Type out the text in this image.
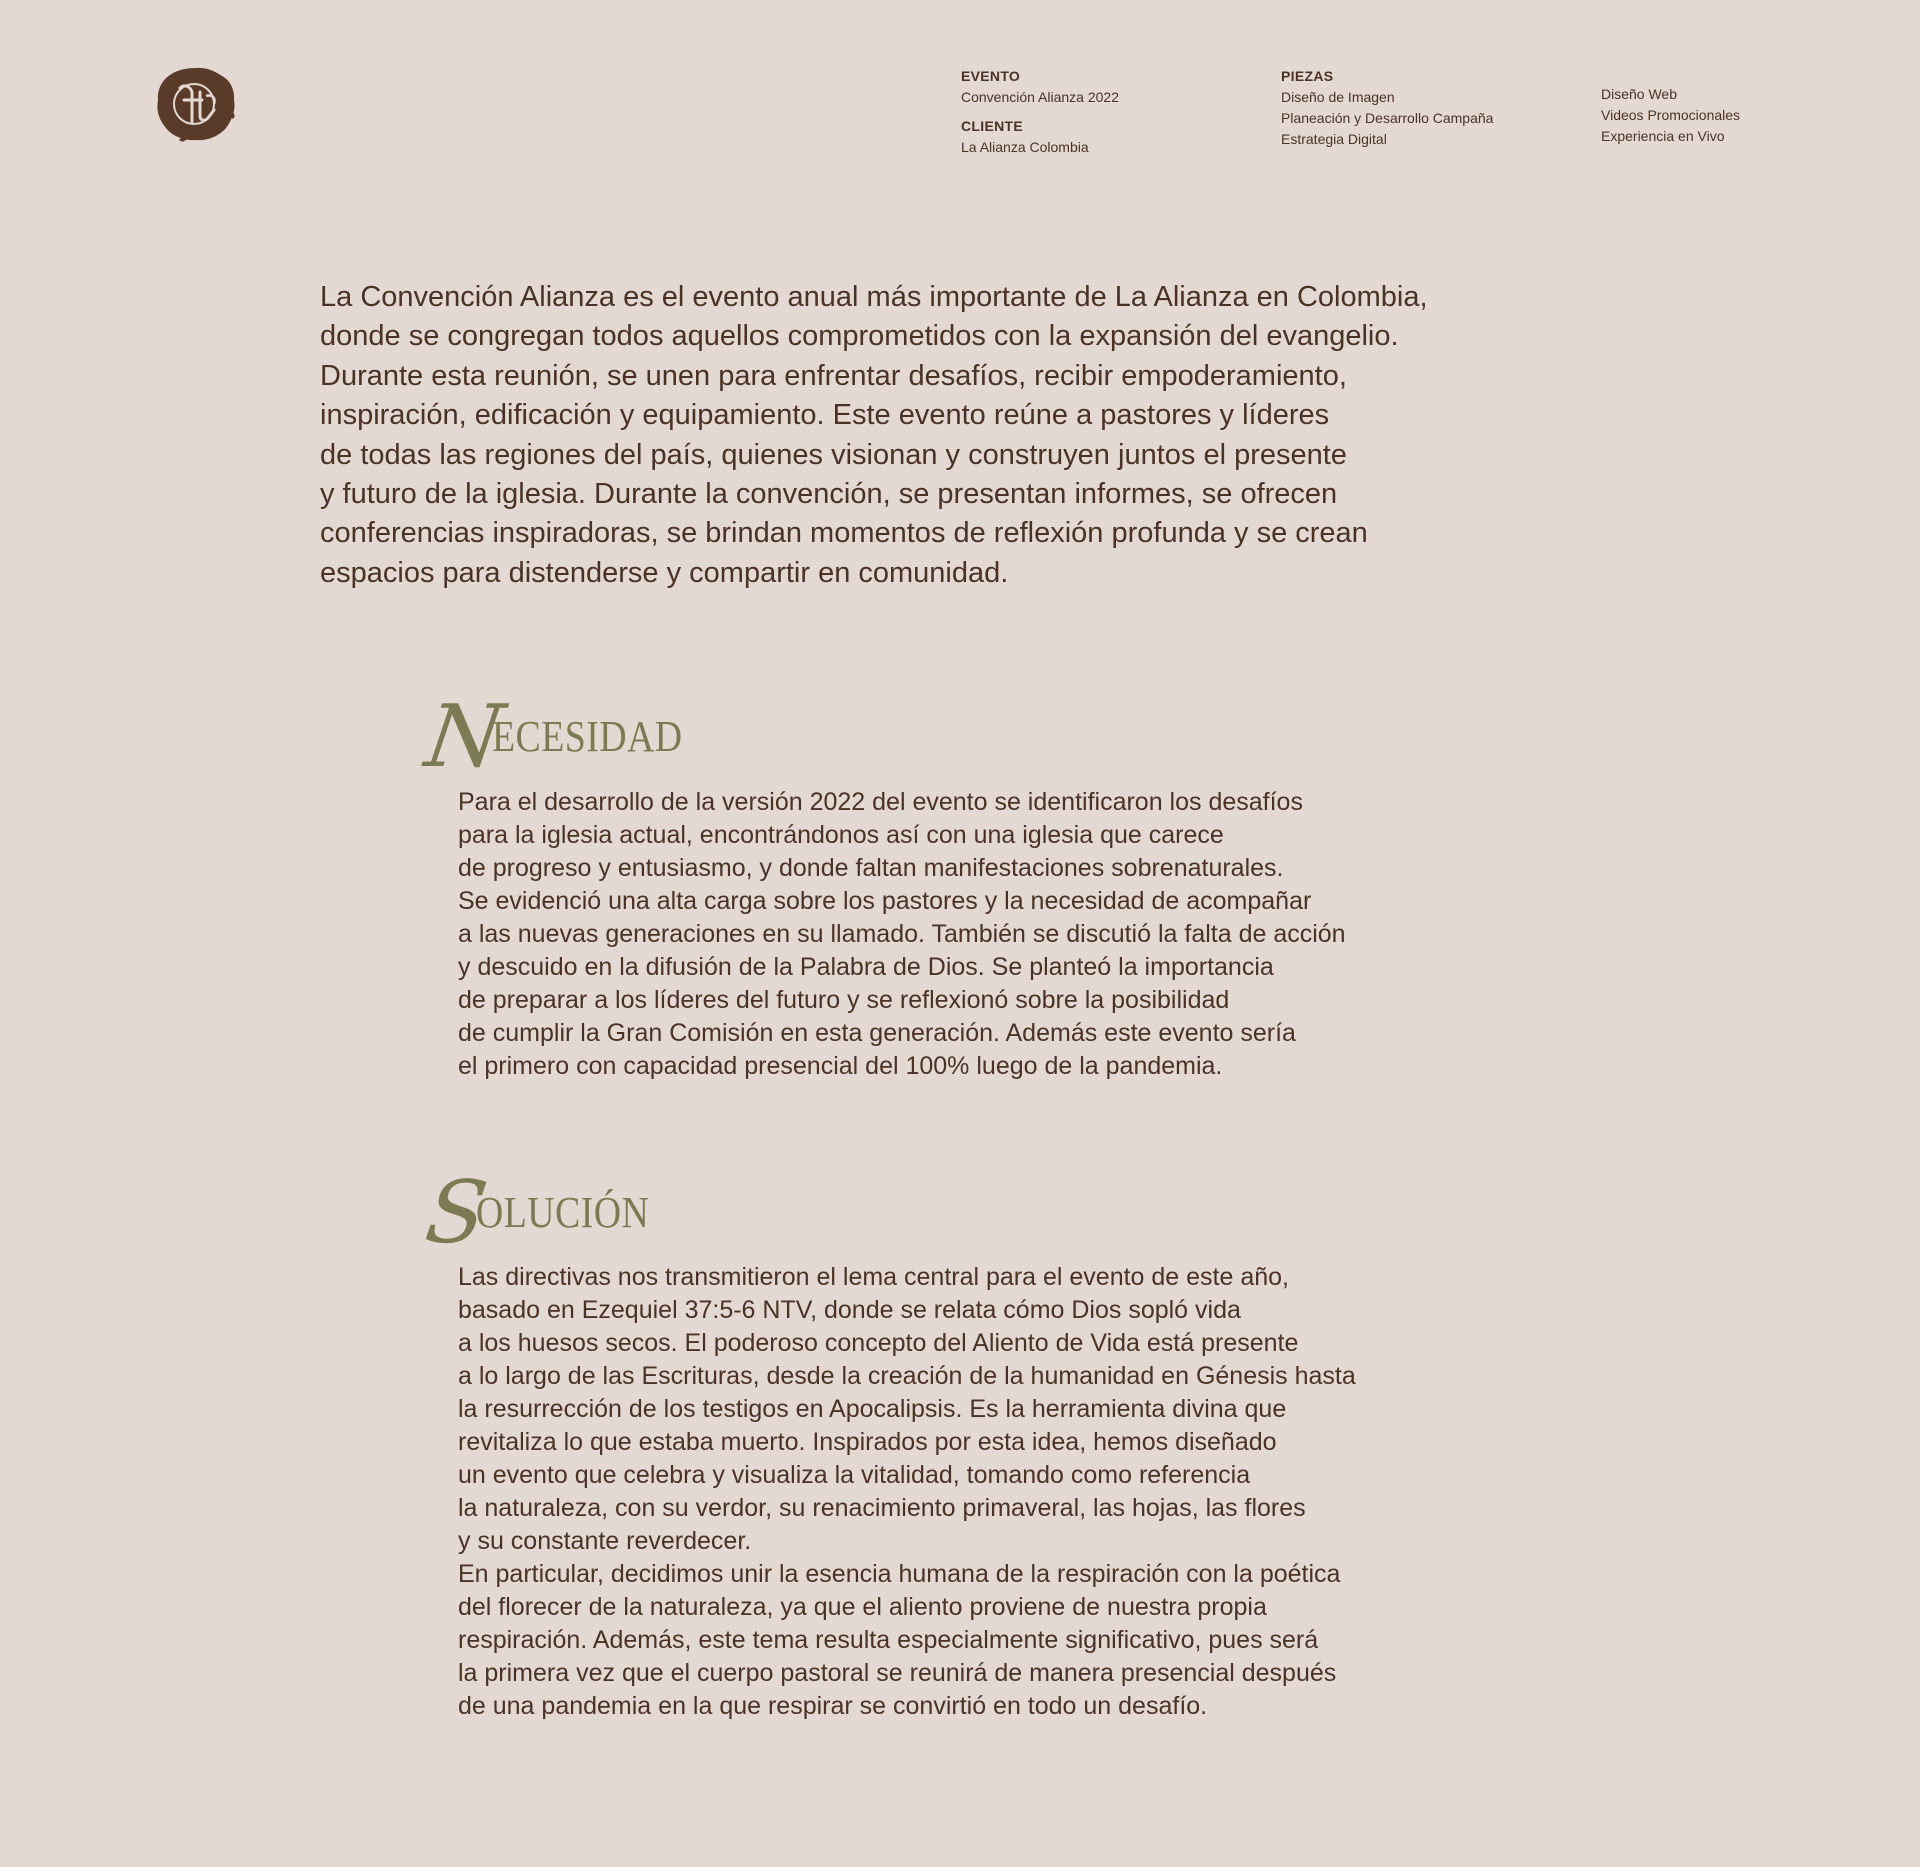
EVENTO
Convención Alianza 2022
CLIENTE
La Alianza Colombia
PIEZAS
Diseño de Imagen
Planeación y Desarrollo Campaña
Estrategia Digital
Diseño Web
Videos Promocionales
Experiencia en Vivo
La Convención Alianza es el evento anual más importante de La Alianza en Colombia,
donde se congregan todos aquellos comprometidos con la expansión del evangelio.
Durante esta reunión, se unen para enfrentar desafíos, recibir empoderamiento,
inspiración, edificación y equipamiento. Este evento reúne a pastores y líderes
de todas las regiones del país, quienes visionan y construyen juntos el presente
y futuro de la iglesia. Durante la convención, se presentan informes, se ofrecen
conferencias inspiradoras, se brindan momentos de reflexión profunda y se crean
espacios para distenderse y compartir en comunidad.
NECESIDAD
Para el desarrollo de la versión 2022 del evento se identificaron los desafíos
para la iglesia actual, encontrándonos así con una iglesia que carece
de progreso y entusiasmo, y donde faltan manifestaciones sobrenaturales.
Se evidenció una alta carga sobre los pastores y la necesidad de acompañar
a las nuevas generaciones en su llamado. También se discutió la falta de acción
y descuido en la difusión de la Palabra de Dios. Se planteó la importancia
de preparar a los líderes del futuro y se reflexionó sobre la posibilidad
de cumplir la Gran Comisión en esta generación. Además este evento sería
el primero con capacidad presencial del 100% luego de la pandemia.
SOLUCIÓN
Las directivas nos transmitieron el lema central para el evento de este año,
basado en Ezequiel 37:5-6 NTV, donde se relata cómo Dios sopló vida
a los huesos secos. El poderoso concepto del Aliento de Vida está presente
a lo largo de las Escrituras, desde la creación de la humanidad en Génesis hasta
la resurrección de los testigos en Apocalipsis. Es la herramienta divina que
revitaliza lo que estaba muerto. Inspirados por esta idea, hemos diseñado
un evento que celebra y visualiza la vitalidad, tomando como referencia
la naturaleza, con su verdor, su renacimiento primaveral, las hojas, las flores
y su constante reverdecer.
En particular, decidimos unir la esencia humana de la respiración con la poética
del florecer de la naturaleza, ya que el aliento proviene de nuestra propia
respiración. Además, este tema resulta especialmente significativo, pues será
la primera vez que el cuerpo pastoral se reunirá de manera presencial después
de una pandemia en la que respirar se convirtió en todo un desafío.
